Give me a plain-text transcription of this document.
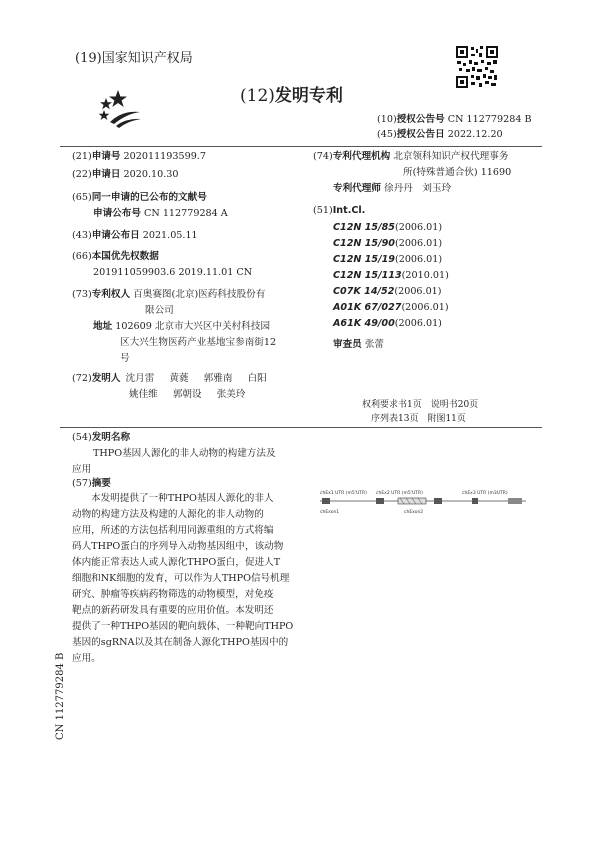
(19)国家知识产权局
(12)发明专利
(10)授权公告号 CN 112779284 B
(45)授权公告日 2022.12.20
(21)申请号 202011193599.7
(22)申请日 2020.10.30
(65)同一申请的已公布的文献号
申请公布号 CN 112779284 A
(43)申请公布日 2021.05.11
(66)本国优先权数据
201911059903.6 2019.11.01 CN
(73)专利权人 百奥赛图(北京)医药科技股份有
限公司
地址 102609 北京市大兴区中关村科技园
区大兴生物医药产业基地宝参南街12
号
(72)发明人 沈月雷 黄蕤 郭雅南 白阳
姚佳维 郭朝设 张美玲
(74)专利代理机构 北京领科知识产权代理事务
所(特殊普通合伙) 11690
专利代理师 徐丹丹　刘玉玲
(51)Int.Cl.
C12N 15/85(2006.01)
C12N 15/90(2006.01)
C12N 15/19(2006.01)
C12N 15/113(2010.01)
C07K 14/52(2006.01)
A01K 67/027(2006.01)
A61K 49/00(2006.01)
审查员 张蕾
权利要求书1页　说明书20页
序列表13页　附图11页
(54)发明名称
THPO基因人源化的非人动物的构建方法及
应用
(57)摘要
本发明提供了一种THPO基因人源化的非人
动物的构建方法及构建的人源化的非人动物的
应用，所述的方法包括利用同源重组的方式将编
码人THPO蛋白的序列导入动物基因组中，该动物
体内能正常表达人或人源化THPO蛋白，促进人T
细胞和NK细胞的发育，可以作为人THPO信号机理
研究、肿瘤等疾病药物筛选的动物模型，对免疫
靶点的新药研发具有重要的应用价值。本发明还
提供了一种THPO基因的靶向载体、一种靶向THPO
基因的sgRNA以及其在制备人源化THPO基因中的
应用。
chEx1 UTR (m5'UTR) chEx2 UTR (m5'UTR)	chEx3 UTR (m3UTR)
chExon1	chExon2
CN 112779284 B
